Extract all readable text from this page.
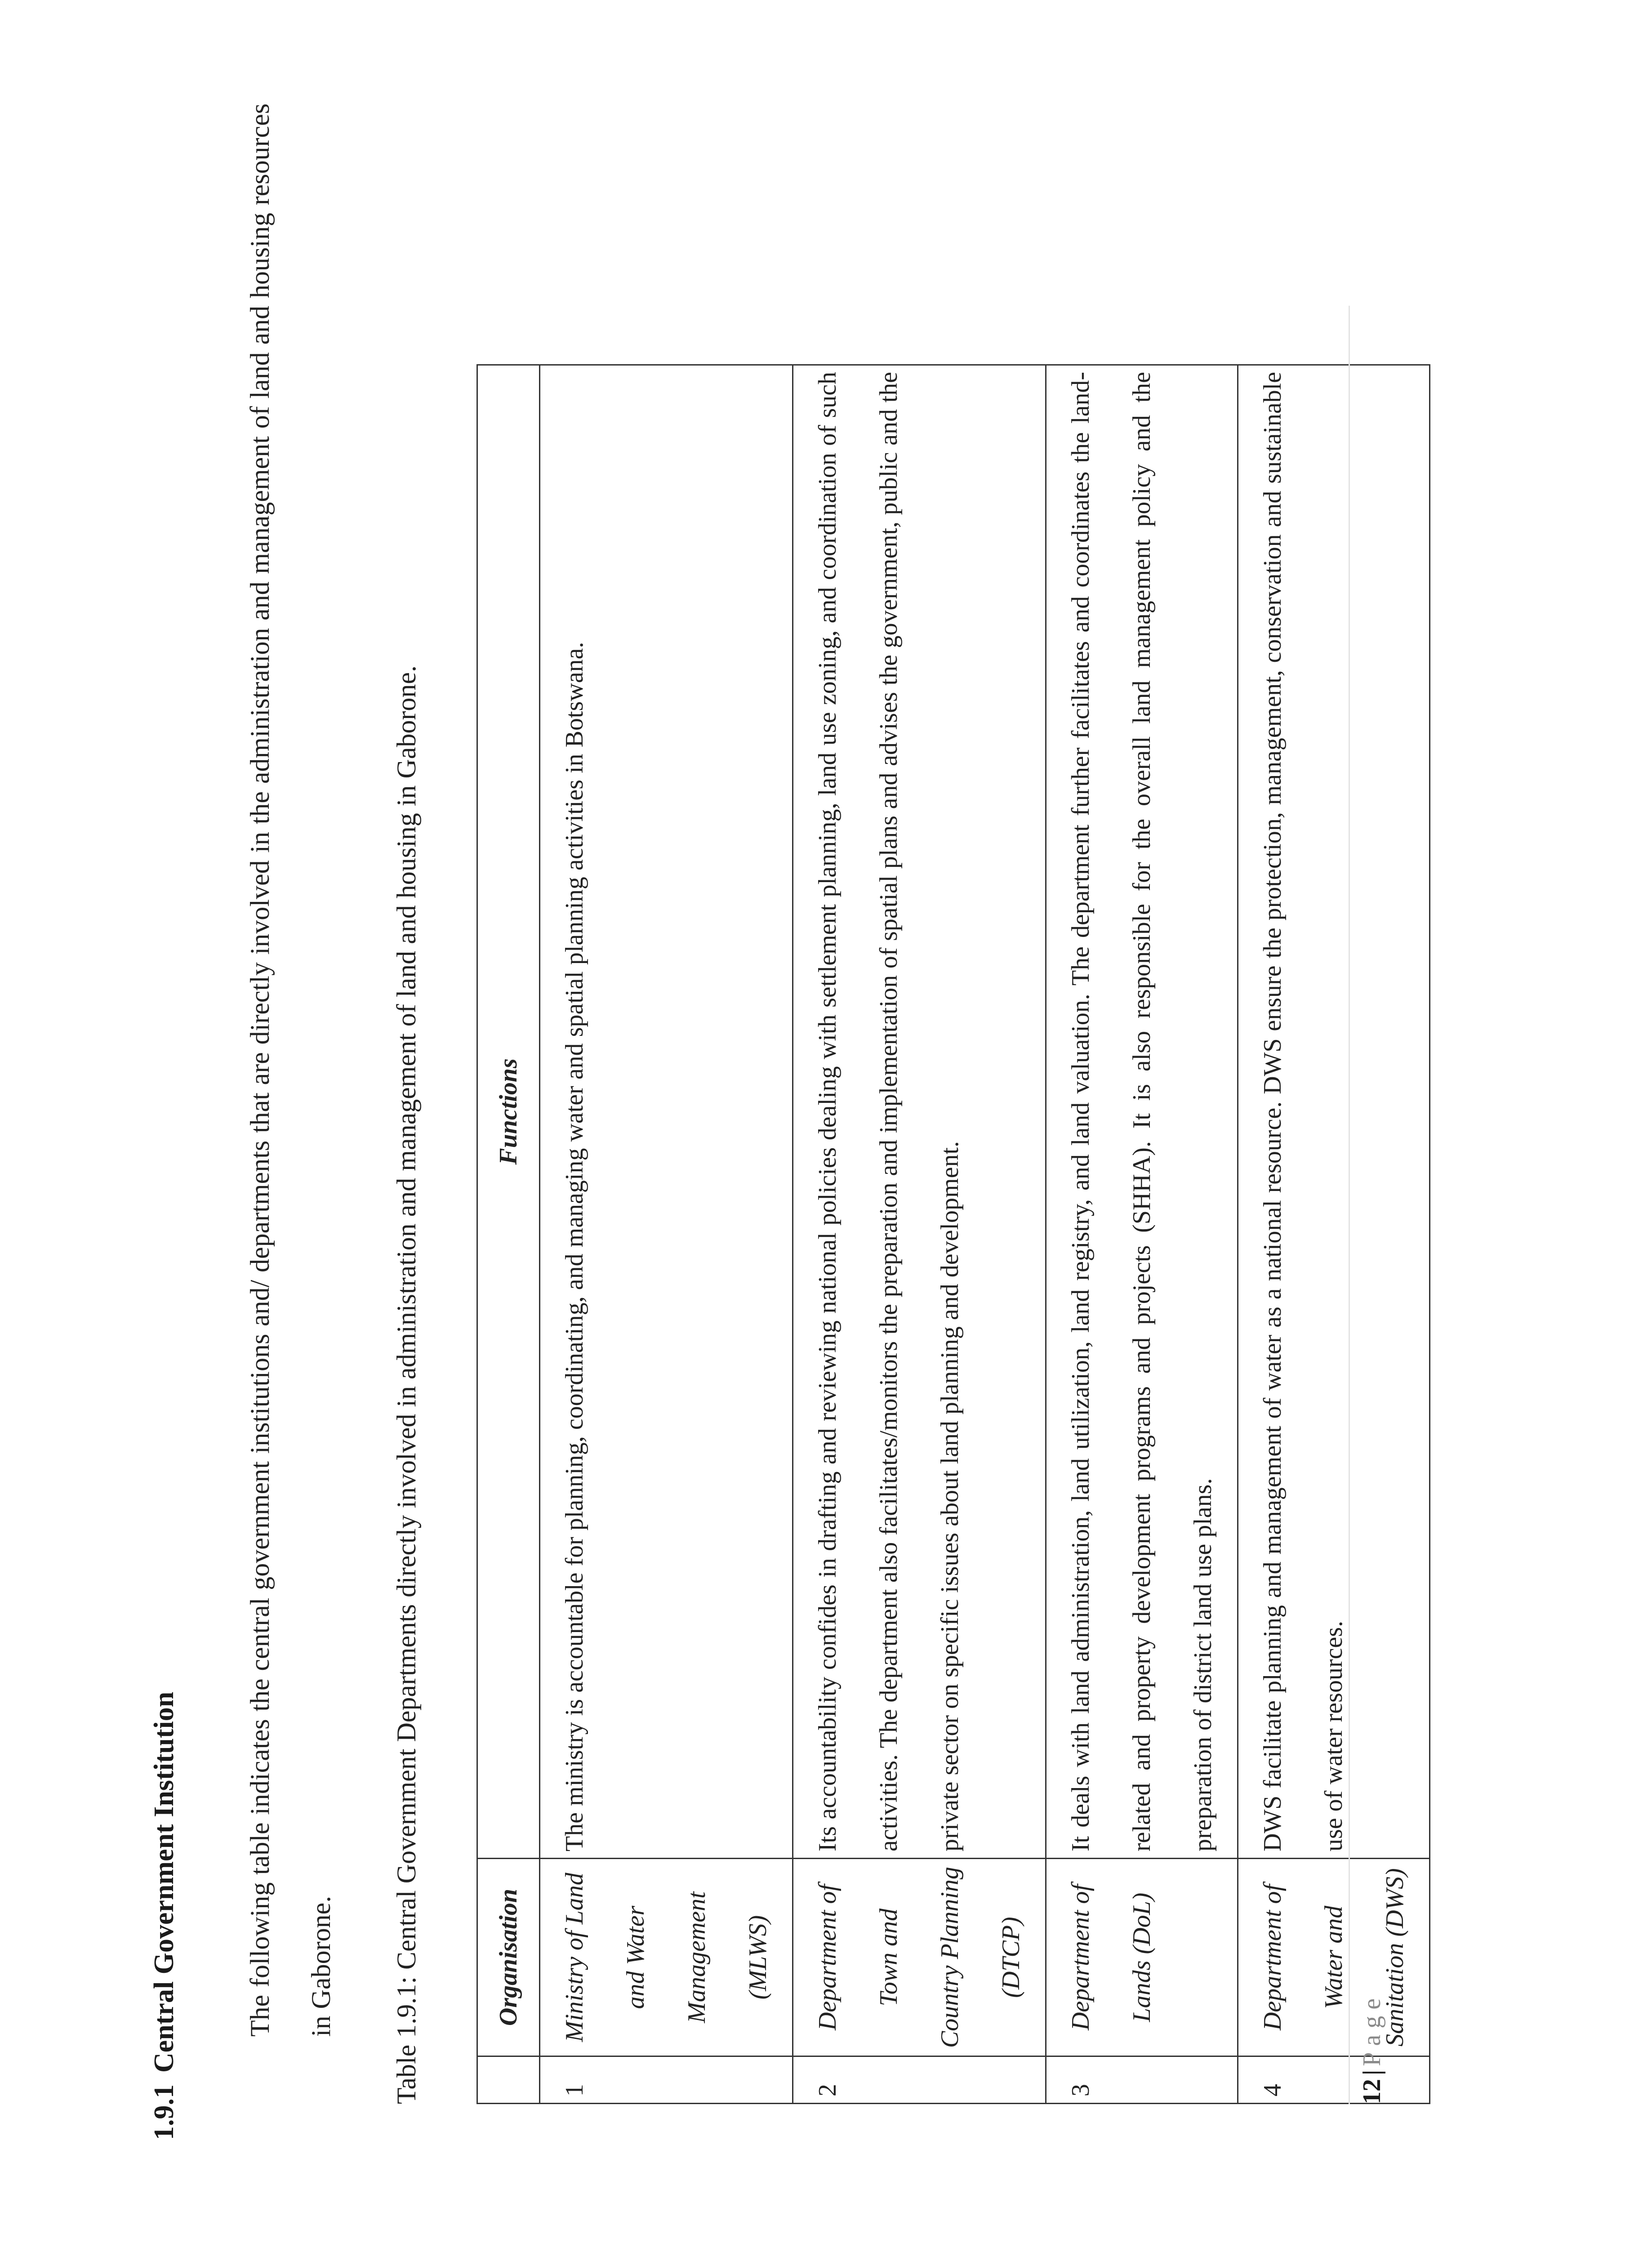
1.9.1Central Government Institution	The following table indicates the central government institutions and/ departments that are directly involved in the administration and management of land and housing resources in Gaborone.	Table 1.9.1: Central Government Departments directly involved in administration and management of land and housing in Gaborone.
		Organisation	Functions
1	Ministry of Land and Water Management (MLWS)	The ministry is accountable for planning, coordinating, and managing water and spatial planning activities in Botswana.
2	Department of Town and Country Planning (DTCP)	Its accountability confides in drafting and reviewing national policies dealing with settlement planning, land use zoning, and coordination of such activities. The department also facilitates/monitors the preparation and implementation of spatial plans and advises the government, public and the private sector on specific issues about land planning and development.
3	Department of Lands (DoL)	It deals with land administration, land utilization, land registry, and land valuation. The department further facilitates and coordinates the land-related and property development programs and projects (SHHA). It is also responsible for the overall land management policy and the preparation of district land use plans.
4	Department of Water and Sanitation (DWS)	DWS facilitate planning and management of water as a national resource. DWS ensure the protection, management, conservation and sustainable use of water resources.
12|Page
